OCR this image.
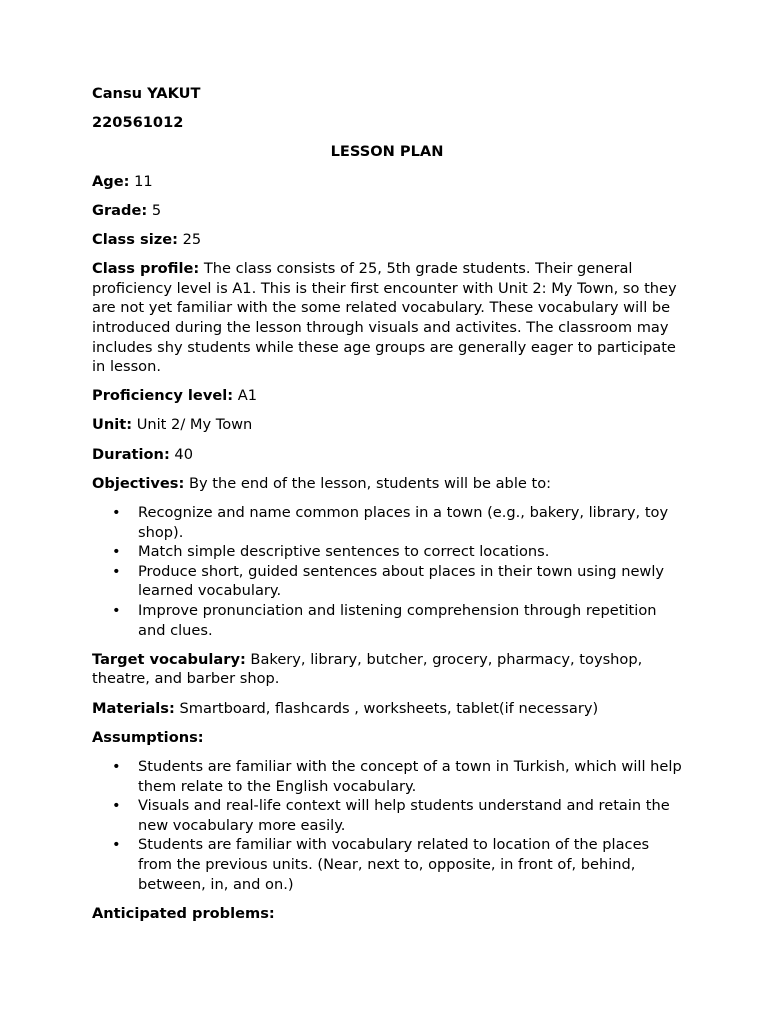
Cansu YAKUT

220561012

LESSON PLAN

Age: 11

Grade: 5

Class size: 25

Class profile: The class consists of 25, 5th grade students. Their general proficiency level is A1. This is their first encounter with Unit 2: My Town, so they are not yet familiar with the some related vocabulary. These vocabulary will be introduced during the lesson through visuals and activites. The classroom may includes shy students while these age groups are generally eager to participate in lesson.

Proficiency level: A1

Unit: Unit 2/ My Town

Duration: 40

Objectives: By the end of the lesson, students will be able to:

• Recognize and name common places in a town (e.g., bakery, library, toy shop).
• Match simple descriptive sentences to correct locations.
• Produce short, guided sentences about places in their town using newly learned vocabulary.
• Improve pronunciation and listening comprehension through repetition and clues.

Target vocabulary: Bakery, library, butcher, grocery, pharmacy, toyshop, theatre, and barber shop.

Materials: Smartboard, flashcards , worksheets, tablet(if necessary)

Assumptions:

• Students are familiar with the concept of a town in Turkish, which will help them relate to the English vocabulary.
• Visuals and real-life context will help students understand and retain the new vocabulary more easily.
• Students are familiar with vocabulary related to location of the places from the previous units. (Near, next to, opposite, in front of, behind, between, in, and on.)

Anticipated problems:
